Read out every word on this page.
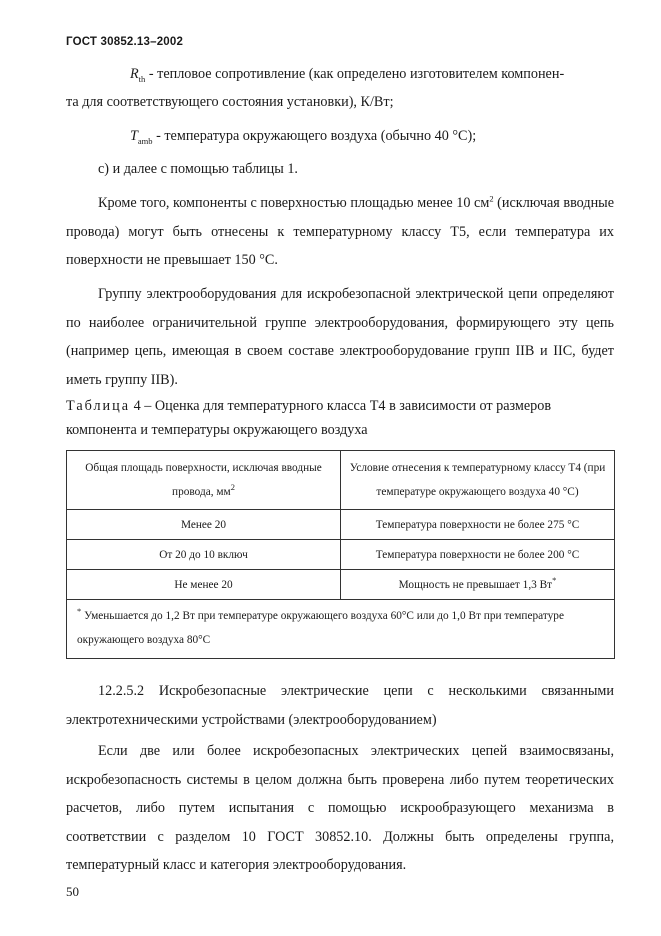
ГОСТ 30852.13–2002
$R_{th}$ - тепловое сопротивление (как определено изготовителем компонен-
та для соответствующего состояния установки), К/Вт;
$T_{amb}$ - температура окружающего воздуха (обычно 40 °С);
с) и далее с помощью таблицы 1.
Кроме того, компоненты с поверхностью площадью менее 10 $см^2$ (исключая вводные провода) могут быть отнесены к температурному классу Т5, если температура их поверхности не превышает 150 °С.
Группу электрооборудования для искробезопасной электрической цепи определяют по наиболее ограничительной группе электрооборудования, формирующего эту цепь (например цепь, имеющая в своем составе электрооборудование групп IIВ и IIС, будет иметь группу IIВ).
Таблица 4 – Оценка для температурного класса Т4 в зависимости от размеров компонента и температуры окружающего воздуха
Общая площадь поверхности, исключая вводные провода, $мм^2$	Условие отнесения к температурному классу Т4 (при температуре окружающего воздуха 40 °С)
Менее 20	Температура поверхности не более 275 °С
От 20 до 10 включ	Температура поверхности не более 200 °С
Не менее 20	Мощность не превышает 1,3 Вт*
* Уменьшается до 1,2 Вт при температуре окружающего воздуха 60°С или до 1,0 Вт при температуре окружающего воздуха 80°С	
12.2.5.2 Искробезопасные электрические цепи с несколькими связанными электротехническими устройствами (электрооборудованием)
Если две или более искробезопасных электрических цепей взаимосвязаны, искробезопасность системы в целом должна быть проверена либо путем теоретических расчетов, либо путем испытания с помощью искрообразующего механизма в соответствии с разделом 10 ГОСТ 30852.10. Должны быть определены группа, температурный класс и категория электрооборудования.
50
